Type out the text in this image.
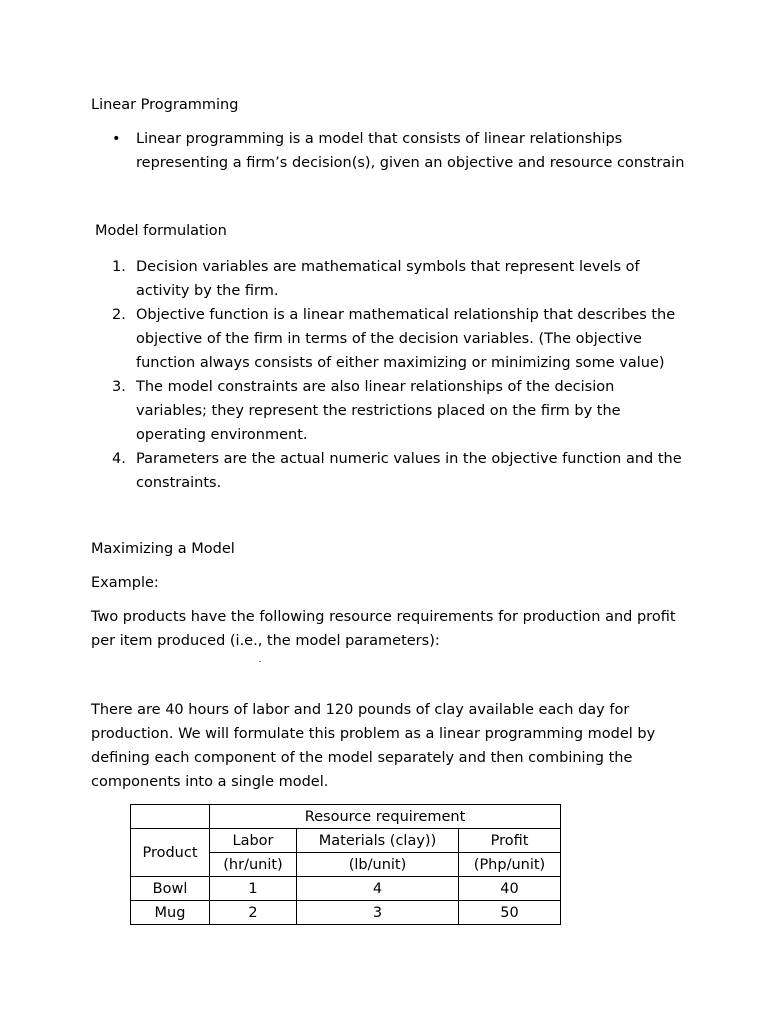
Linear Programming

• Linear programming is a model that consists of linear relationships representing a firm’s decision(s), given an objective and resource constrain

Model formulation

1. Decision variables are mathematical symbols that represent levels of activity by the firm.
2. Objective function is a linear mathematical relationship that describes the objective of the firm in terms of the decision variables. (The objective function always consists of either maximizing or minimizing some value)
3. The model constraints are also linear relationships of the decision variables; they represent the restrictions placed on the firm by the operating environment.
4. Parameters are the actual numeric values in the objective function and the constraints.

Maximizing a Model

Example:

Two products have the following resource requirements for production and profit per item produced (i.e., the model parameters):

There are 40 hours of labor and 120 pounds of clay available each day for production. We will formulate this problem as a linear programming model by defining each component of the model separately and then combining the components into a single model.

	Resource requirement		
Product	Labor	Materials (clay))	Profit
	(hr/unit)	(lb/unit)	(Php/unit)
Bowl	1	4	40
Mug	2	3	50
